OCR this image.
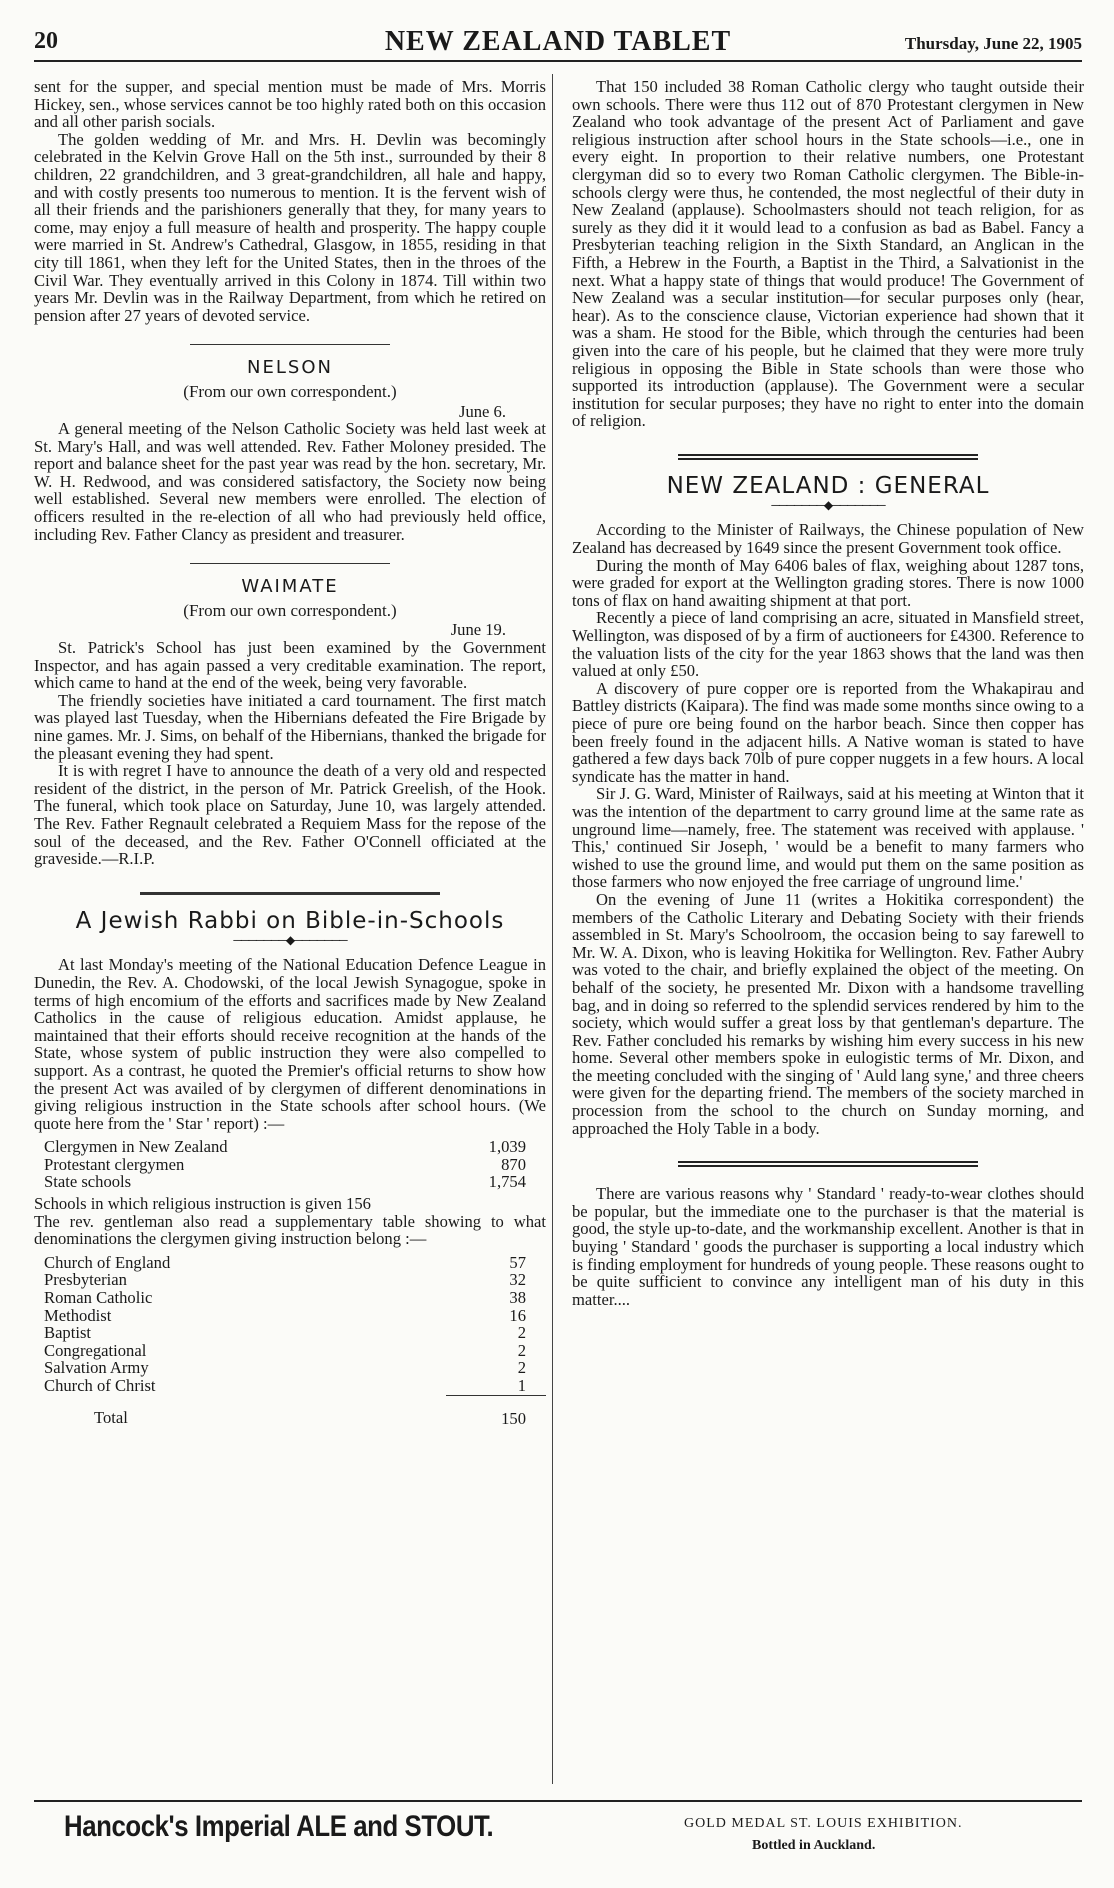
20	NEW ZEALAND TABLET	Thursday, June 22, 1905

sent for the supper, and special mention must be made of Mrs. Morris Hickey, sen., whose services cannot be too highly rated both on this occasion and all other parish socials.

The golden wedding of Mr. and Mrs. H. Devlin was becomingly celebrated in the Kelvin Grove Hall on the 5th inst., surrounded by their 8 children, 22 grandchildren, and 3 great-grandchildren, all hale and happy, and with costly presents too numerous to mention. It is the fervent wish of all their friends and the parishioners generally that they, for many years to come, may enjoy a full measure of health and prosperity. The happy couple were married in St. Andrew's Cathedral, Glasgow, in 1855, residing in that city till 1861, when they left for the United States, then in the throes of the Civil War. They eventually arrived in this Colony in 1874. Till within two years Mr. Devlin was in the Railway Department, from which he retired on pension after 27 years of devoted service.

NELSON
(From our own correspondent.)
June 6.

A general meeting of the Nelson Catholic Society was held last week at St. Mary's Hall, and was well attended. Rev. Father Moloney presided. The report and balance sheet for the past year was read by the hon. secretary, Mr. W. H. Redwood, and was considered satisfactory, the Society now being well established. Several new members were enrolled. The election of officers resulted in the re-election of all who had previously held office, including Rev. Father Clancy as president and treasurer.

WAIMATE
(From our own correspondent.)
June 19.

St. Patrick's School has just been examined by the Government Inspector, and has again passed a very creditable examination. The report, which came to hand at the end of the week, being very favorable.

The friendly societies have initiated a card tournament. The first match was played last Tuesday, when the Hibernians defeated the Fire Brigade by nine games. Mr. J. Sims, on behalf of the Hibernians, thanked the brigade for the pleasant evening they had spent.

It is with regret I have to announce the death of a very old and respected resident of the district, in the person of Mr. Patrick Greelish, of the Hook. The funeral, which took place on Saturday, June 10, was largely attended. The Rev. Father Regnault celebrated a Requiem Mass for the repose of the soul of the deceased, and the Rev. Father O'Connell officiated at the graveside.—R.I.P.

A Jewish Rabbi on Bible-in-Schools
───────◆───────

At last Monday's meeting of the National Education Defence League in Dunedin, the Rev. A. Chodowski, of the local Jewish Synagogue, spoke in terms of high encomium of the efforts and sacrifices made by New Zealand Catholics in the cause of religious education. Amidst applause, he maintained that their efforts should receive recognition at the hands of the State, whose system of public instruction they were also compelled to support. As a contrast, he quoted the Premier's official returns to show how the present Act was availed of by clergymen of different denominations in giving religious instruction in the State schools after school hours. (We quote here from the ' Star ' report) :—

Clergymen in New Zealand	1,039
Protestant clergymen	870
State schools	1,754

Schools in which religious instruction is given 156

The rev. gentleman also read a supplementary table showing to what denominations the clergymen giving instruction belong :—

Church of England	57
Presbyterian	32
Roman Catholic	38
Methodist	16
Baptist	2
Congregational	2
Salvation Army	2
Church of Christ	1
Total	150

That 150 included 38 Roman Catholic clergy who taught outside their own schools. There were thus 112 out of 870 Protestant clergymen in New Zealand who took advantage of the present Act of Parliament and gave religious instruction after school hours in the State schools—i.e., one in every eight. In proportion to their relative numbers, one Protestant clergyman did so to every two Roman Catholic clergymen. The Bible-in-schools clergy were thus, he contended, the most neglectful of their duty in New Zealand (applause). Schoolmasters should not teach religion, for as surely as they did it it would lead to a confusion as bad as Babel. Fancy a Presbyterian teaching religion in the Sixth Standard, an Anglican in the Fifth, a Hebrew in the Fourth, a Baptist in the Third, a Salvationist in the next. What a happy state of things that would produce! The Government of New Zealand was a secular institution—for secular purposes only (hear, hear). As to the conscience clause, Victorian experience had shown that it was a sham. He stood for the Bible, which through the centuries had been given into the care of his people, but he claimed that they were more truly religious in opposing the Bible in State schools than were those who supported its introduction (applause). The Government were a secular institution for secular purposes; they have no right to enter into the domain of religion.

NEW ZEALAND : GENERAL
───────◆───────

According to the Minister of Railways, the Chinese population of New Zealand has decreased by 1649 since the present Government took office.

During the month of May 6406 bales of flax, weighing about 1287 tons, were graded for export at the Wellington grading stores. There is now 1000 tons of flax on hand awaiting shipment at that port.

Recently a piece of land comprising an acre, situated in Mansfield street, Wellington, was disposed of by a firm of auctioneers for £4300. Reference to the valuation lists of the city for the year 1863 shows that the land was then valued at only £50.

A discovery of pure copper ore is reported from the Whakapirau and Battley districts (Kaipara). The find was made some months since owing to a piece of pure ore being found on the harbor beach. Since then copper has been freely found in the adjacent hills. A Native woman is stated to have gathered a few days back 70lb of pure copper nuggets in a few hours. A local syndicate has the matter in hand.

Sir J. G. Ward, Minister of Railways, said at his meeting at Winton that it was the intention of the department to carry ground lime at the same rate as unground lime—namely, free. The statement was received with applause. ' This,' continued Sir Joseph, ' would be a benefit to many farmers who wished to use the ground lime, and would put them on the same position as those farmers who now enjoyed the free carriage of unground lime.'

On the evening of June 11 (writes a Hokitika correspondent) the members of the Catholic Literary and Debating Society with their friends assembled in St. Mary's Schoolroom, the occasion being to say farewell to Mr. W. A. Dixon, who is leaving Hokitika for Wellington. Rev. Father Aubry was voted to the chair, and briefly explained the object of the meeting. On behalf of the society, he presented Mr. Dixon with a handsome travelling bag, and in doing so referred to the splendid services rendered by him to the society, which would suffer a great loss by that gentleman's departure. The Rev. Father concluded his remarks by wishing him every success in his new home. Several other members spoke in eulogistic terms of Mr. Dixon, and the meeting concluded with the singing of ' Auld lang syne,' and three cheers were given for the departing friend. The members of the society marched in procession from the school to the church on Sunday morning, and approached the Holy Table in a body.

There are various reasons why ' Standard ' ready-to-wear clothes should be popular, but the immediate one to the purchaser is that the material is good, the style up-to-date, and the workmanship excellent. Another is that in buying ' Standard ' goods the purchaser is supporting a local industry which is finding employment for hundreds of young people. These reasons ought to be quite sufficient to convince any intelligent man of his duty in this matter....

Hancock's Imperial ALE and STOUT.	GOLD MEDAL ST. LOUIS EXHIBITION.
Bottled in Auckland.
